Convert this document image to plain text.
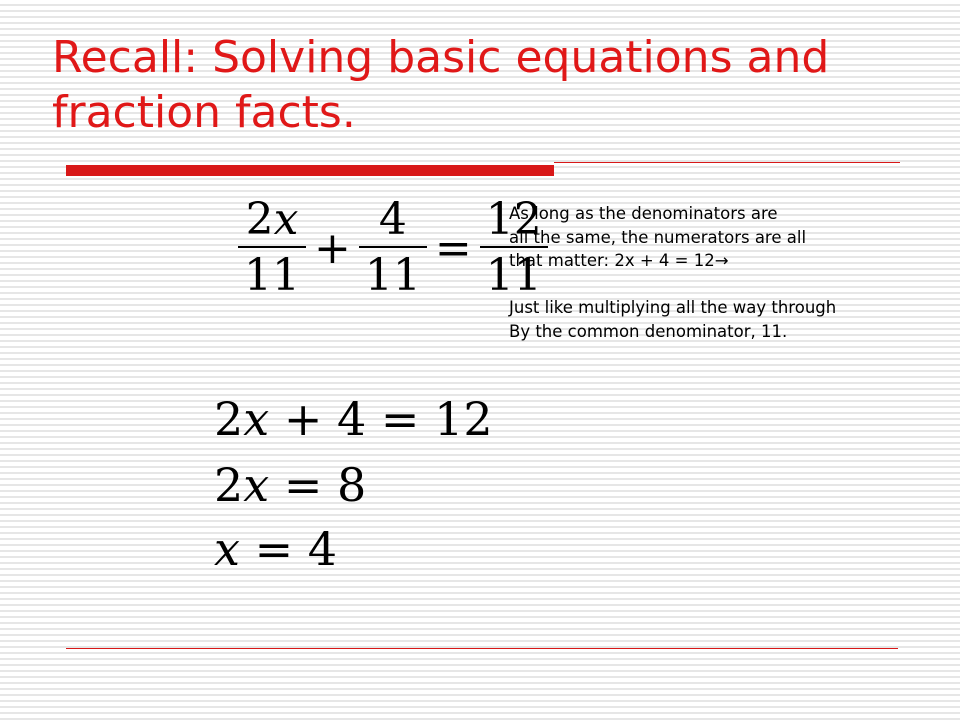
Recall: Solving basic equations and
fraction facts.
$\frac{2x}{11} + \frac{4}{11} = \frac{12}{11}$
As long as the denominators are
all the same, the numerators are all
that matter: 2x + 4 = 12→
Just like multiplying all the way through
By the common denominator, 11.
2x + 4 = 12
2x = 8
x = 4
